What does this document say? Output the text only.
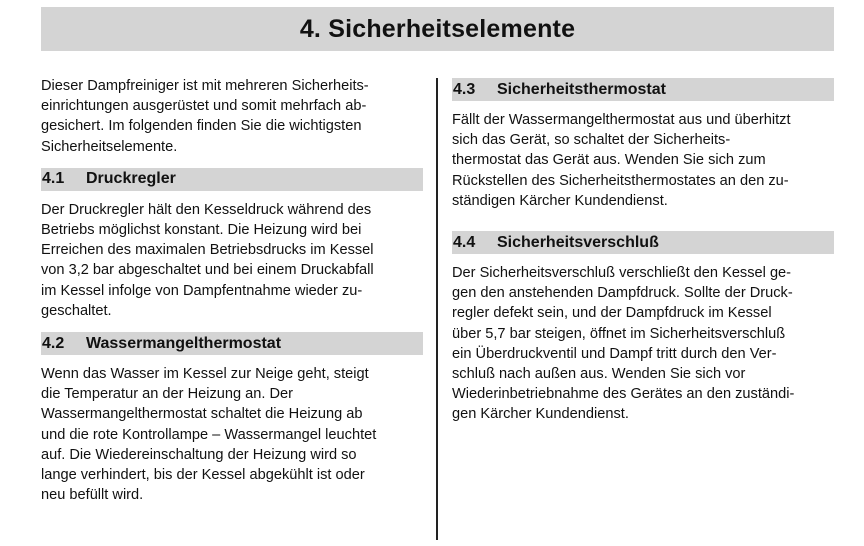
4. Sicherheitselemente

Dieser Dampfreiniger ist mit mehreren Sicherheits-
einrichtungen ausgerüstet und somit mehrfach ab-
gesichert. Im folgenden finden Sie die wichtigsten
Sicherheitselemente.

4.1	Druckregler

Der Druckregler hält den Kesseldruck während des
Betriebs möglichst konstant. Die Heizung wird bei
Erreichen des maximalen Betriebsdrucks im Kessel
von 3,2 bar abgeschaltet und bei einem Druckabfall
im Kessel infolge von Dampfentnahme wieder zu-
geschaltet.

4.2	Wassermangelthermostat

Wenn das Wasser im Kessel zur Neige geht, steigt
die Temperatur an der Heizung an. Der
Wassermangelthermostat schaltet die Heizung ab
und die rote Kontrollampe – Wassermangel leuchtet
auf. Die Wiedereinschaltung der Heizung wird so
lange verhindert, bis der Kessel abgekühlt ist oder
neu befüllt wird.

4.3	Sicherheitsthermostat

Fällt der Wassermangelthermostat aus und überhitzt
sich das Gerät, so schaltet der Sicherheits-
thermostat das Gerät aus. Wenden Sie sich zum
Rückstellen des Sicherheitsthermostates an den zu-
ständigen Kärcher Kundendienst.

4.4	Sicherheitsverschluß

Der Sicherheitsverschluß verschließt den Kessel ge-
gen den anstehenden Dampfdruck. Sollte der Druck-
regler defekt sein, und der Dampfdruck im Kessel
über 5,7 bar steigen, öffnet im Sicherheitsverschluß
ein Überdruckventil und Dampf tritt durch den Ver-
schluß nach außen aus. Wenden Sie sich vor
Wiederinbetriebnahme des Gerätes an den zuständi-
gen Kärcher Kundendienst.
